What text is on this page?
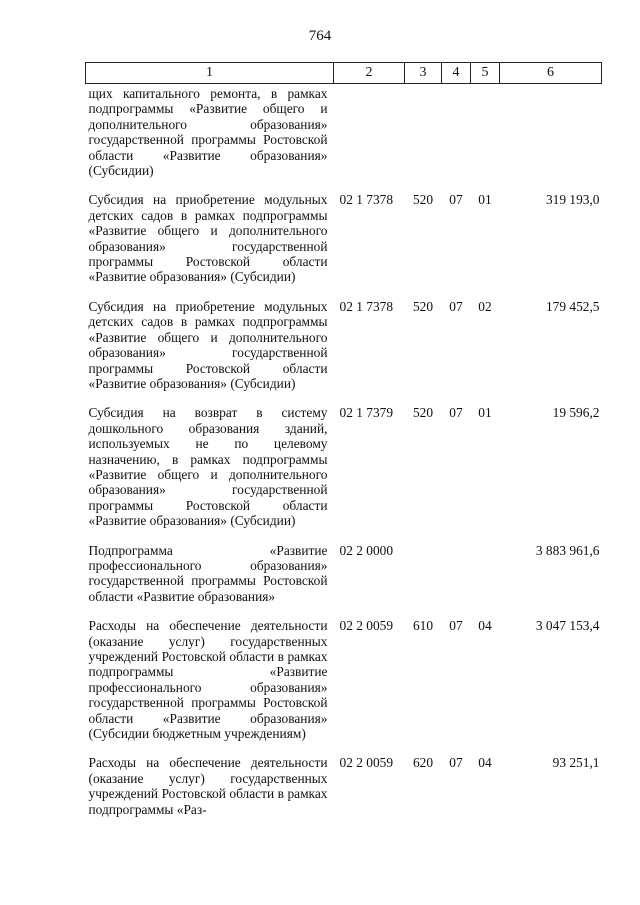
764
1	2	3	4	5	6
щих капитального ремонта, в рамках подпрограммы «Развитие общего и дополнительного образования» государственной программы Ростовской области «Развитие образования» (Субсидии)					
Субсидия на приобретение модульных детских садов в рамках подпрограммы «Развитие общего и дополнительного образования» государственной программы Ростовской области «Развитие образования» (Субсидии)	02 1 7378	520	07	01	319 193,0
Субсидия на приобретение модульных детских садов в рамках подпрограммы «Развитие общего и дополнительного образования» государственной программы Ростовской области «Развитие образования» (Субсидии)	02 1 7378	520	07	02	179 452,5
Субсидия на возврат в систему дошкольного образования зданий, используемых не по целевому назначению, в рамках подпрограммы «Развитие общего и дополнительного образования» государственной программы Ростовской области «Развитие образования» (Субсидии)	02 1 7379	520	07	01	19 596,2
Подпрограмма «Развитие профессионального образования» государственной программы Ростовской области «Развитие образования»	02 2 0000				3 883 961,6
Расходы на обеспечение деятельности (оказание услуг) государственных учреждений Ростовской области в рамках подпрограммы «Развитие профессионального образования» государственной программы Ростовской области «Развитие образования» (Субсидии бюджетным учреждениям)	02 2 0059	610	07	04	3 047 153,4
Расходы на обеспечение деятельности (оказание услуг) государственных учреждений Ростовской области в рамках подпрограммы «Раз-	02 2 0059	620	07	04	93 251,1
